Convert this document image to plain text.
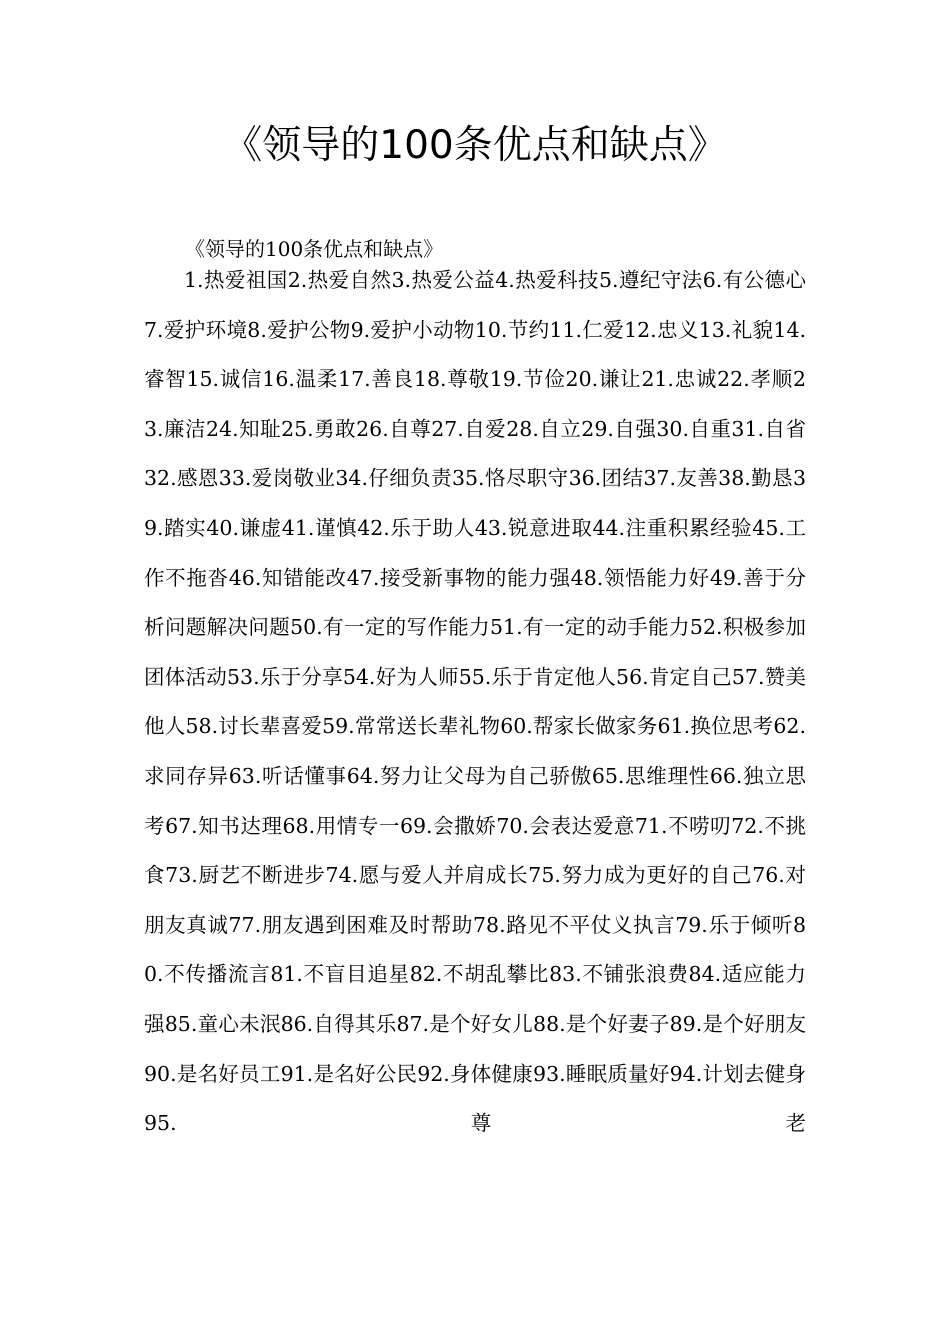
《领导的100条优点和缺点》

《领导的100条优点和缺点》

1.热爱祖国2.热爱自然3.热爱公益4.热爱科技5.遵纪守法6.有公德心7.爱护环境8.爱护公物9.爱护小动物10.节约11.仁爱12.忠义13.礼貌14.睿智15.诚信16.温柔17.善良18.尊敬19.节俭20.谦让21.忠诚22.孝顺23.廉洁24.知耻25.勇敢26.自尊27.自爱28.自立29.自强30.自重31.自省32.感恩33.爱岗敬业34.仔细负责35.恪尽职守36.团结37.友善38.勤恳39.踏实40.谦虚41.谨慎42.乐于助人43.锐意进取44.注重积累经验45.工作不拖沓46.知错能改47.接受新事物的能力强48.领悟能力好49.善于分析问题解决问题50.有一定的写作能力51.有一定的动手能力52.积极参加团体活动53.乐于分享54.好为人师55.乐于肯定他人56.肯定自己57.赞美他人58.讨长辈喜爱59.常常送长辈礼物60.帮家长做家务61.换位思考62.求同存异63.听话懂事64.努力让父母为自己骄傲65.思维理性66.独立思考67.知书达理68.用情专一69.会撒娇70.会表达爱意71.不唠叨72.不挑食73.厨艺不断进步74.愿与爱人并肩成长75.努力成为更好的自己76.对朋友真诚77.朋友遇到困难及时帮助78.路见不平仗义执言79.乐于倾听80.不传播流言81.不盲目追星82.不胡乱攀比83.不铺张浪费84.适应能力强85.童心未泯86.自得其乐87.是个好女儿88.是个好妻子89.是个好朋友90.是名好员工91.是名好公民92.身体健康93.睡眠质量好94.计划去健身95.尊老
